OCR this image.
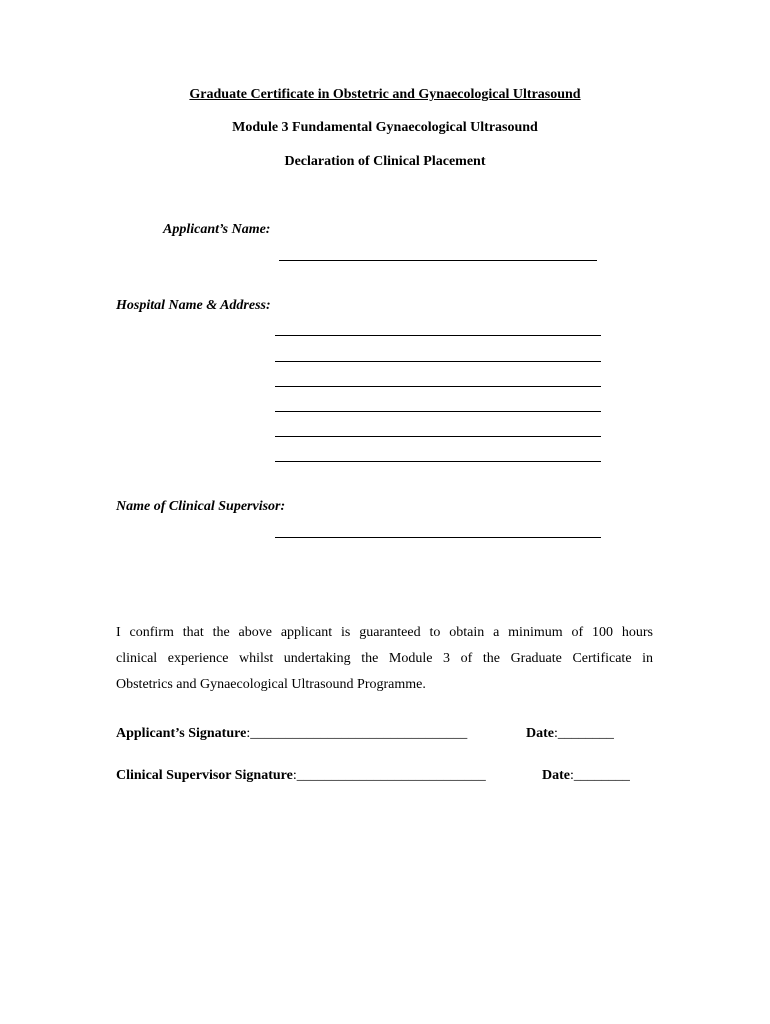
Graduate Certificate in Obstetric and Gynaecological Ultrasound
Module 3 Fundamental Gynaecological Ultrasound
Declaration of Clinical Placement
Applicant’s Name:
Hospital Name & Address:
Name of Clinical Supervisor:
I confirm that the above applicant is guaranteed to obtain a minimum of 100 hours
clinical experience whilst undertaking the Module 3 of the Graduate Certificate in
Obstetrics and Gynaecological Ultrasound Programme.
Applicant’s Signature:_______________________________	Date:________
Clinical Supervisor Signature:___________________________	Date:________
